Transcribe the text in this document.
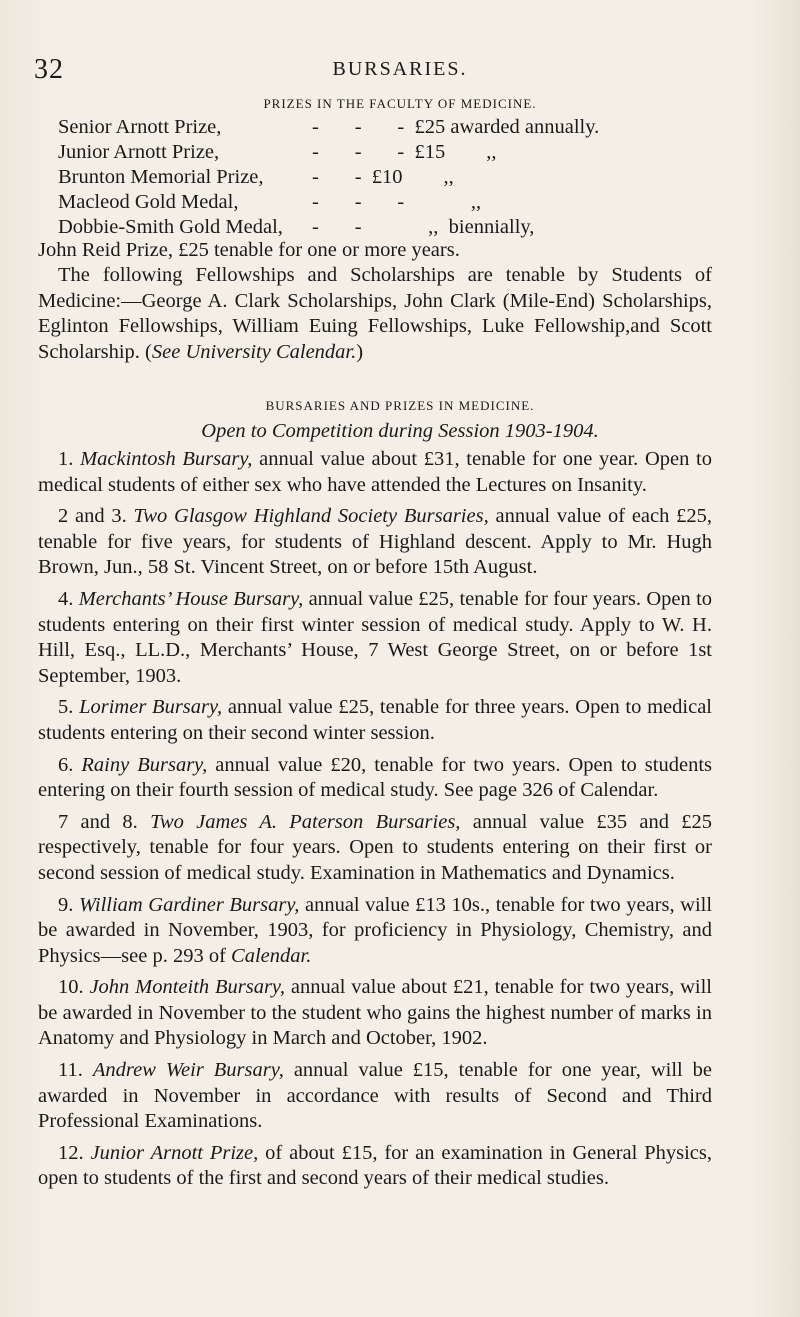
32	BURSARIES.
PRIZES IN THE FACULTY OF MEDICINE.
Senior Arnott Prize,	-       -       -  £25 awarded annually.
Junior Arnott Prize,	-       -       -  £15        ,,
Brunton Memorial Prize, -       -  £10        ,,
Macleod Gold Medal,	-       -       -             ,,
Dobbie-Smith Gold Medal, -       -             ,,  biennially,
John Reid Prize, £25 tenable for one or more years.
The following Fellowships and Scholarships are tenable by Students of Medicine:—George A. Clark Scholarships, John Clark (Mile-End) Scholarships, Eglinton Fellowships, William Euing Fellowships, Luke Fellowship,and Scott Scholarship. (See University Calendar.)
BURSARIES AND PRIZES IN MEDICINE.
Open to Competition during Session 1903-1904.

1. Mackintosh Bursary, annual value about £31, tenable for one year. Open to medical students of either sex who have attended the Lectures on Insanity.

2 and 3. Two Glasgow Highland Society Bursaries, annual value of each £25, tenable for five years, for students of Highland descent. Apply to Mr. Hugh Brown, Jun., 58 St. Vincent Street, on or before 15th August.

4. Merchants’ House Bursary, annual value £25, tenable for four years. Open to students entering on their first winter session of medical study. Apply to W. H. Hill, Esq., LL.D., Merchants’ House, 7 West George Street, on or before 1st September, 1903.

5. Lorimer Bursary, annual value £25, tenable for three years. Open to medical students entering on their second winter session.

6. Rainy Bursary, annual value £20, tenable for two years. Open to students entering on their fourth session of medical study. See page 326 of Calendar.

7 and 8. Two James A. Paterson Bursaries, annual value £35 and £25 respectively, tenable for four years. Open to students entering on their first or second session of medical study. Examination in Mathematics and Dynamics.

9. William Gardiner Bursary, annual value £13 10s., tenable for two years, will be awarded in November, 1903, for proficiency in Physiology, Chemistry, and Physics—see p. 293 of Calendar.

10. John Monteith Bursary, annual value about £21, tenable for two years, will be awarded in November to the student who gains the highest number of marks in Anatomy and Physiology in March and October, 1902.

11. Andrew Weir Bursary, annual value £15, tenable for one year, will be awarded in November in accordance with results of Second and Third Professional Examinations.

12. Junior Arnott Prize, of about £15, for an examination in General Physics, open to students of the first and second years of their medical studies.
